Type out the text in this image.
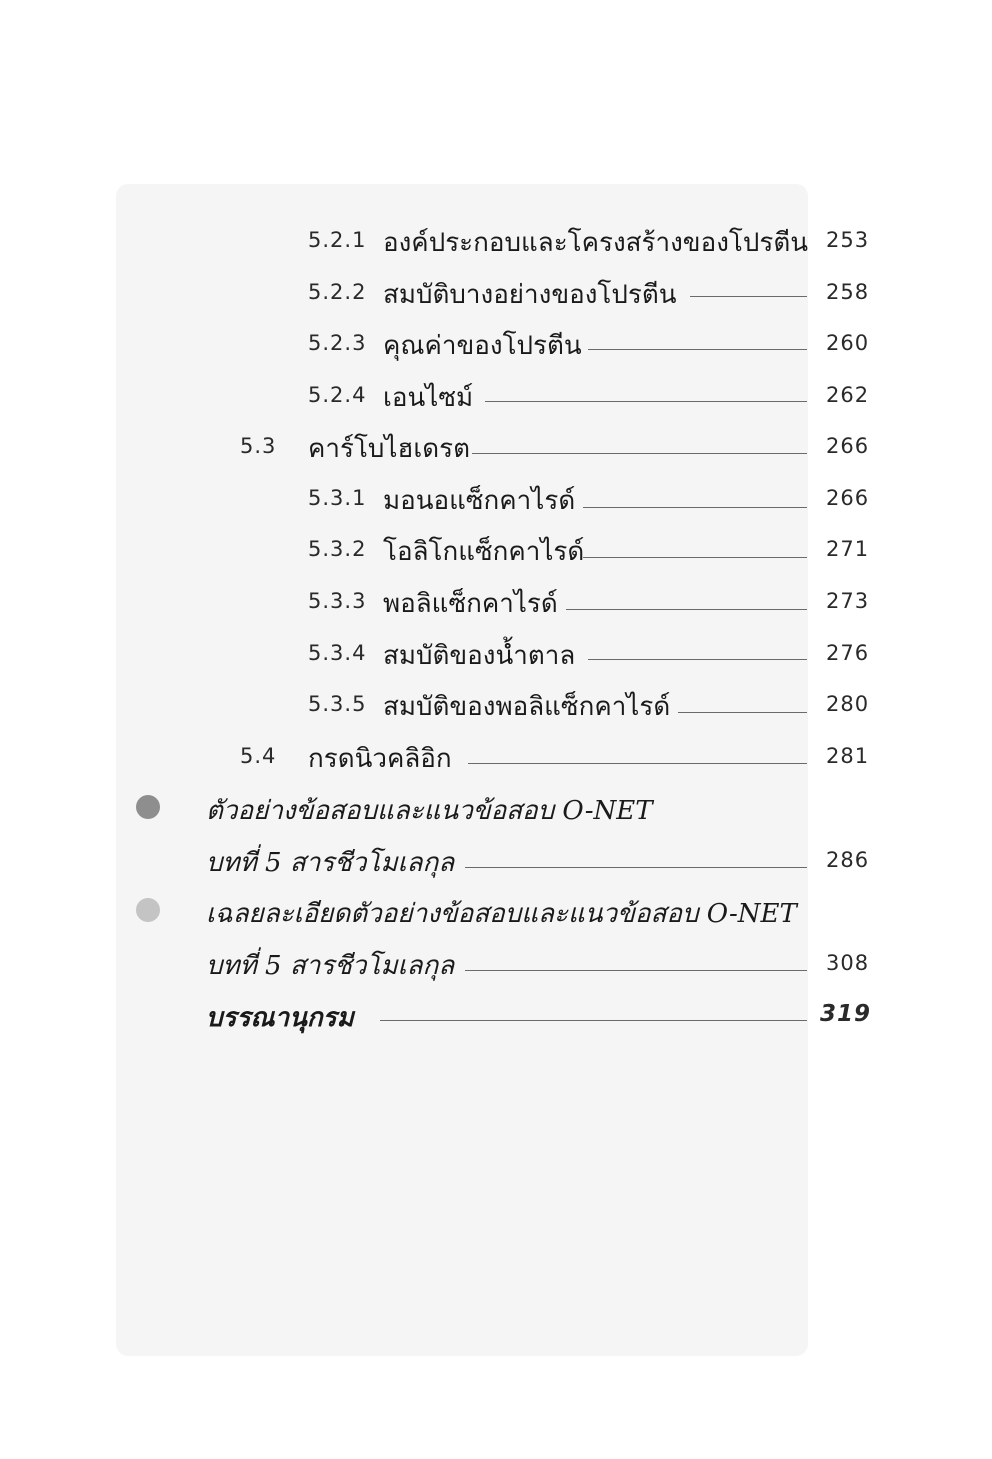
5.2.1 องค์ประกอบและโครงสร้างของโปรตีน 253
5.2.2 สมบัติบางอย่างของโปรตีน	258
5.2.3 คุณค่าของโปรตีน	260
5.2.4 เอนไซม์	262
5.3 คาร์โบไฮเดรต	266
5.3.1 มอนอแซ็กคาไรด์	266
5.3.2 โอลิโกแซ็กคาไรด์	271
5.3.3 พอลิแซ็กคาไรด์	273
5.3.4 สมบัติของน้ำตาล	276
5.3.5 สมบัติของพอลิแซ็กคาไรด์	280
5.4 กรดนิวคลิอิก	281
ตัวอย่างข้อสอบและแนวข้อสอบ O-NET
บทที่ 5 สารชีวโมเลกุล	286
เฉลยละเอียดตัวอย่างข้อสอบและแนวข้อสอบ O-NET
บทที่ 5 สารชีวโมเลกุล	308
บรรณานุกรม	319
